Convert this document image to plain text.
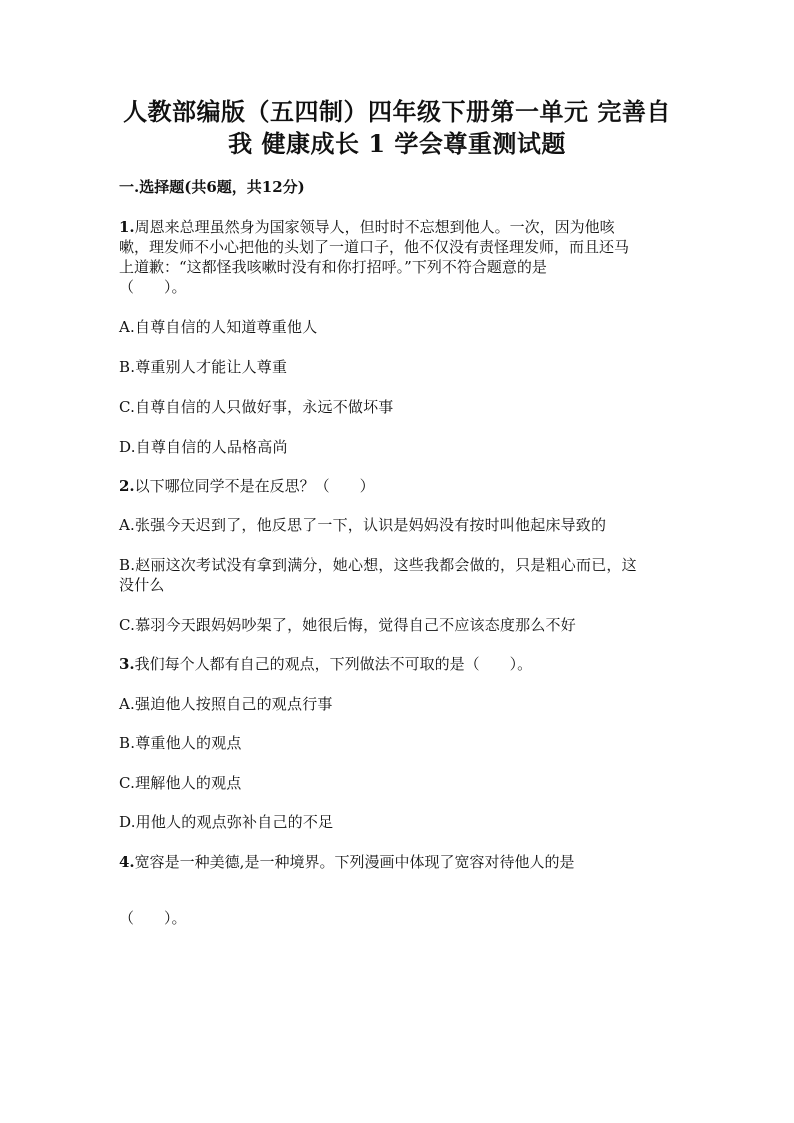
人教部编版（五四制）四年级下册第一单元 完善自
我 健康成长 1 学会尊重测试题
一.选择题(共6题，共12分)
1.周恩来总理虽然身为国家领导人，但时时不忘想到他人。一次，因为他咳
嗽，理发师不小心把他的头划了一道口子，他不仅没有责怪理发师，而且还马
上道歉：“这都怪我咳嗽时没有和你打招呼。”下列不符合题意的是
（　　）。
A.自尊自信的人知道尊重他人
B.尊重别人才能让人尊重
C.自尊自信的人只做好事，永远不做坏事
D.自尊自信的人品格高尚
2.以下哪位同学不是在反思？（　　）
A.张强今天迟到了，他反思了一下，认识是妈妈没有按时叫他起床导致的
B.赵丽这次考试没有拿到满分，她心想，这些我都会做的，只是粗心而已，这
没什么
C.慕羽今天跟妈妈吵架了，她很后悔，觉得自己不应该态度那么不好
3.我们每个人都有自己的观点，下列做法不可取的是（　　）。
A.强迫他人按照自己的观点行事
B.尊重他人的观点
C.理解他人的观点
D.用他人的观点弥补自己的不足
4.宽容是一种美德,是一种境界。下列漫画中体现了宽容对待他人的是
（　　）。
